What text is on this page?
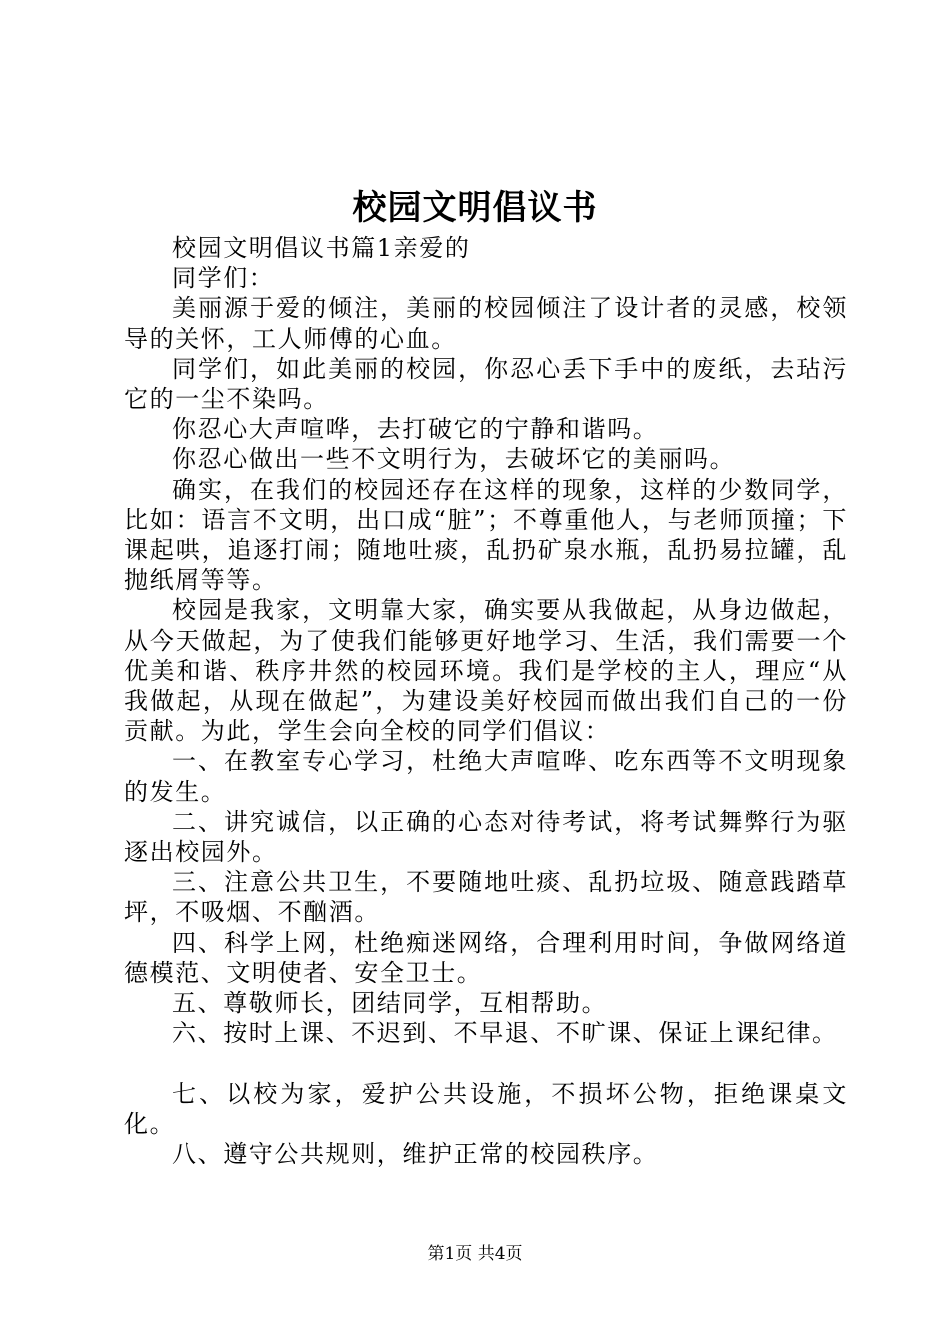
校园文明倡议书

校园文明倡议书篇1亲爱的

同学们：

美丽源于爱的倾注，美丽的校园倾注了设计者的灵感，校领导的关怀，工人师傅的心血。

同学们，如此美丽的校园，你忍心丢下手中的废纸，去玷污它的一尘不染吗。

你忍心大声喧哗，去打破它的宁静和谐吗。

你忍心做出一些不文明行为，去破坏它的美丽吗。

确实，在我们的校园还存在这样的现象，这样的少数同学，比如：语言不文明，出口成“脏”；不尊重他人，与老师顶撞；下课起哄，追逐打闹；随地吐痰，乱扔矿泉水瓶，乱扔易拉罐，乱抛纸屑等等。

校园是我家，文明靠大家，确实要从我做起，从身边做起，从今天做起，为了使我们能够更好地学习、生活，我们需要一个优美和谐、秩序井然的校园环境。我们是学校的主人，理应“从我做起，从现在做起”，为建设美好校园而做出我们自己的一份贡献。为此，学生会向全校的同学们倡议：

一、在教室专心学习，杜绝大声喧哗、吃东西等不文明现象的发生。

二、讲究诚信，以正确的心态对待考试，将考试舞弊行为驱逐出校园外。

三、注意公共卫生，不要随地吐痰、乱扔垃圾、随意践踏草坪，不吸烟、不酗酒。

四、科学上网，杜绝痴迷网络，合理利用时间，争做网络道德模范、文明使者、安全卫士。

五、尊敬师长，团结同学，互相帮助。

六、按时上课、不迟到、不早退、不旷课、保证上课纪律。

七、以校为家，爱护公共设施，不损坏公物，拒绝课桌文化。

八、遵守公共规则，维护正常的校园秩序。

第1页 共4页
